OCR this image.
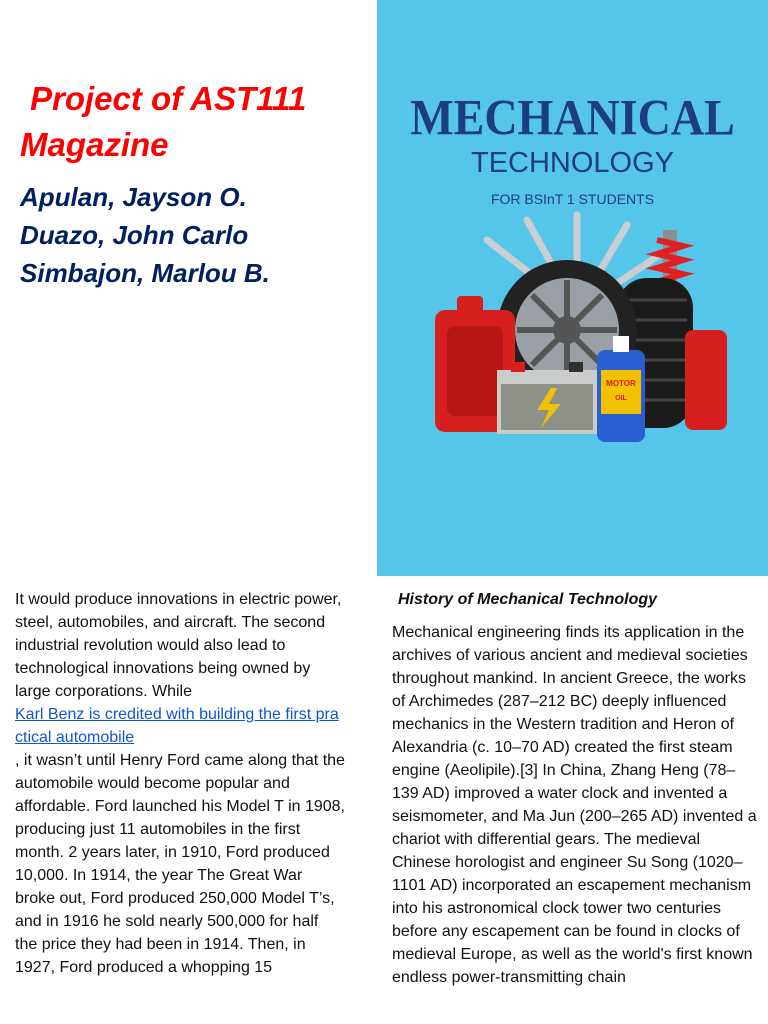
Project of AST111
Magazine
Apulan, Jayson O.
Duazo, John Carlo
Simbajon, Marlou B.
MECHANICAL
TECHNOLOGY
FOR BSInT 1 STUDENTS
MOTOR
OIL

It would produce innovations in electric power, steel, automobiles, and aircraft. The second industrial revolution would also lead to technological innovations being owned by large corporations. While

Karl Benz is credited with building the first practical automobile

, it wasn’t until Henry Ford came along that the automobile would become popular and affordable. Ford launched his Model T in 1908, producing just 11 automobiles in the first month. 2 years later, in 1910, Ford produced 10,000. In 1914, the year The Great War broke out, Ford produced 250,000 Model T’s, and in 1916 he sold nearly 500,000 for half the price they had been in 1914. Then, in 1927, Ford produced a whopping 15

History of Mechanical Technology

Mechanical engineering finds its application in the archives of various ancient and medieval societies throughout mankind. In ancient Greece, the works of Archimedes (287–212 BC) deeply influenced mechanics in the Western tradition and Heron of Alexandria (c. 10–70 AD) created the first steam engine (Aeolipile).[3] In China, Zhang Heng (78–139 AD) improved a water clock and invented a seismometer, and Ma Jun (200–265 AD) invented a chariot with differential gears. The medieval Chinese horologist and engineer Su Song (1020–1101 AD) incorporated an escapement mechanism into his astronomical clock tower two centuries before any escapement can be found in clocks of medieval Europe, as well as the world's first known endless power-transmitting chain
